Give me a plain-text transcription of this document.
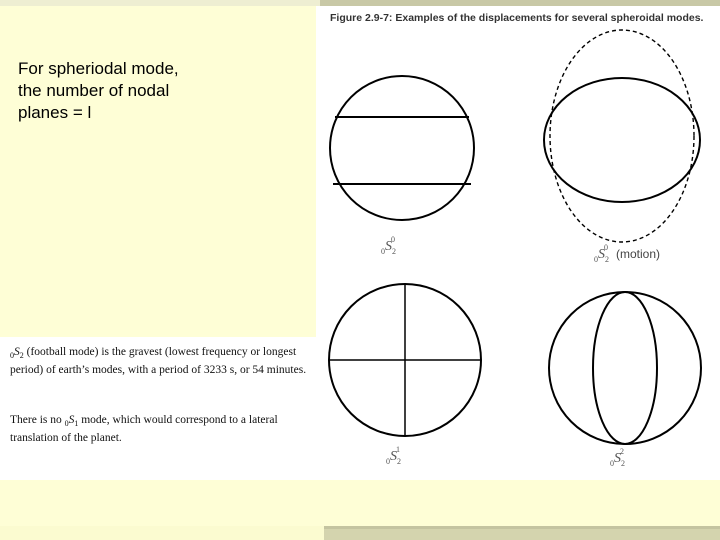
For spheriodal mode,
the number of nodal
planes = l
Figure 2.9-7: Examples of the displacements for several spheroidal modes.
$_0S_20$
$_0S_20$ (motion)
$_0S_21$
$_0S_22$
$_0S_2$ (football mode) is the gravest (lowest frequency or longest period) of earth’s modes, with a period of 3233 s, or 54 minutes.
There is no $_0S_1$ mode, which would correspond to a lateral translation of the planet.
